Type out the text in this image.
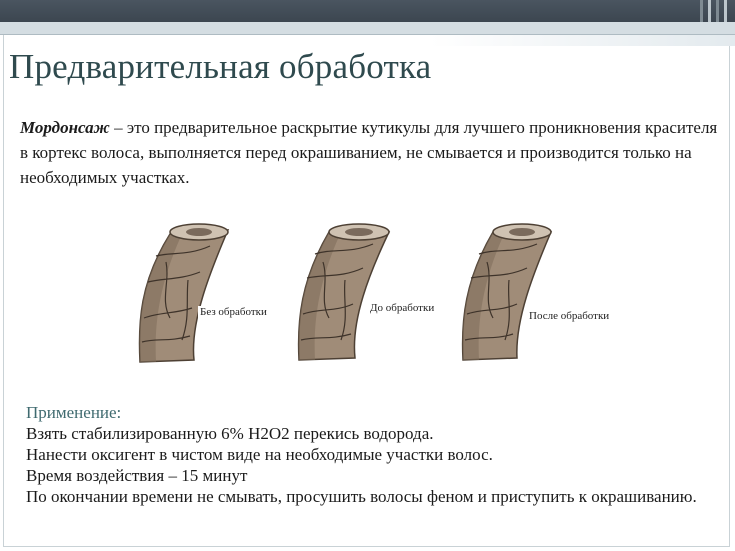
Предварительная обработка

Мордонсаж – это предварительное раскрытие кутикулы для лучшего проникновения красителя в кортекс волоса, выполняется перед окрашиванием, не смывается и производится только на необходимых участках.

Без обработки	До обработки
После обработки

Применение:

Взять стабилизированную 6% H2O2 перекись водорода.
Нанести оксигент в чистом виде на необходимые участки волос.
Время воздействия – 15 минут
По окончании времени не смывать, просушить волосы феном и приступить к окрашиванию.
